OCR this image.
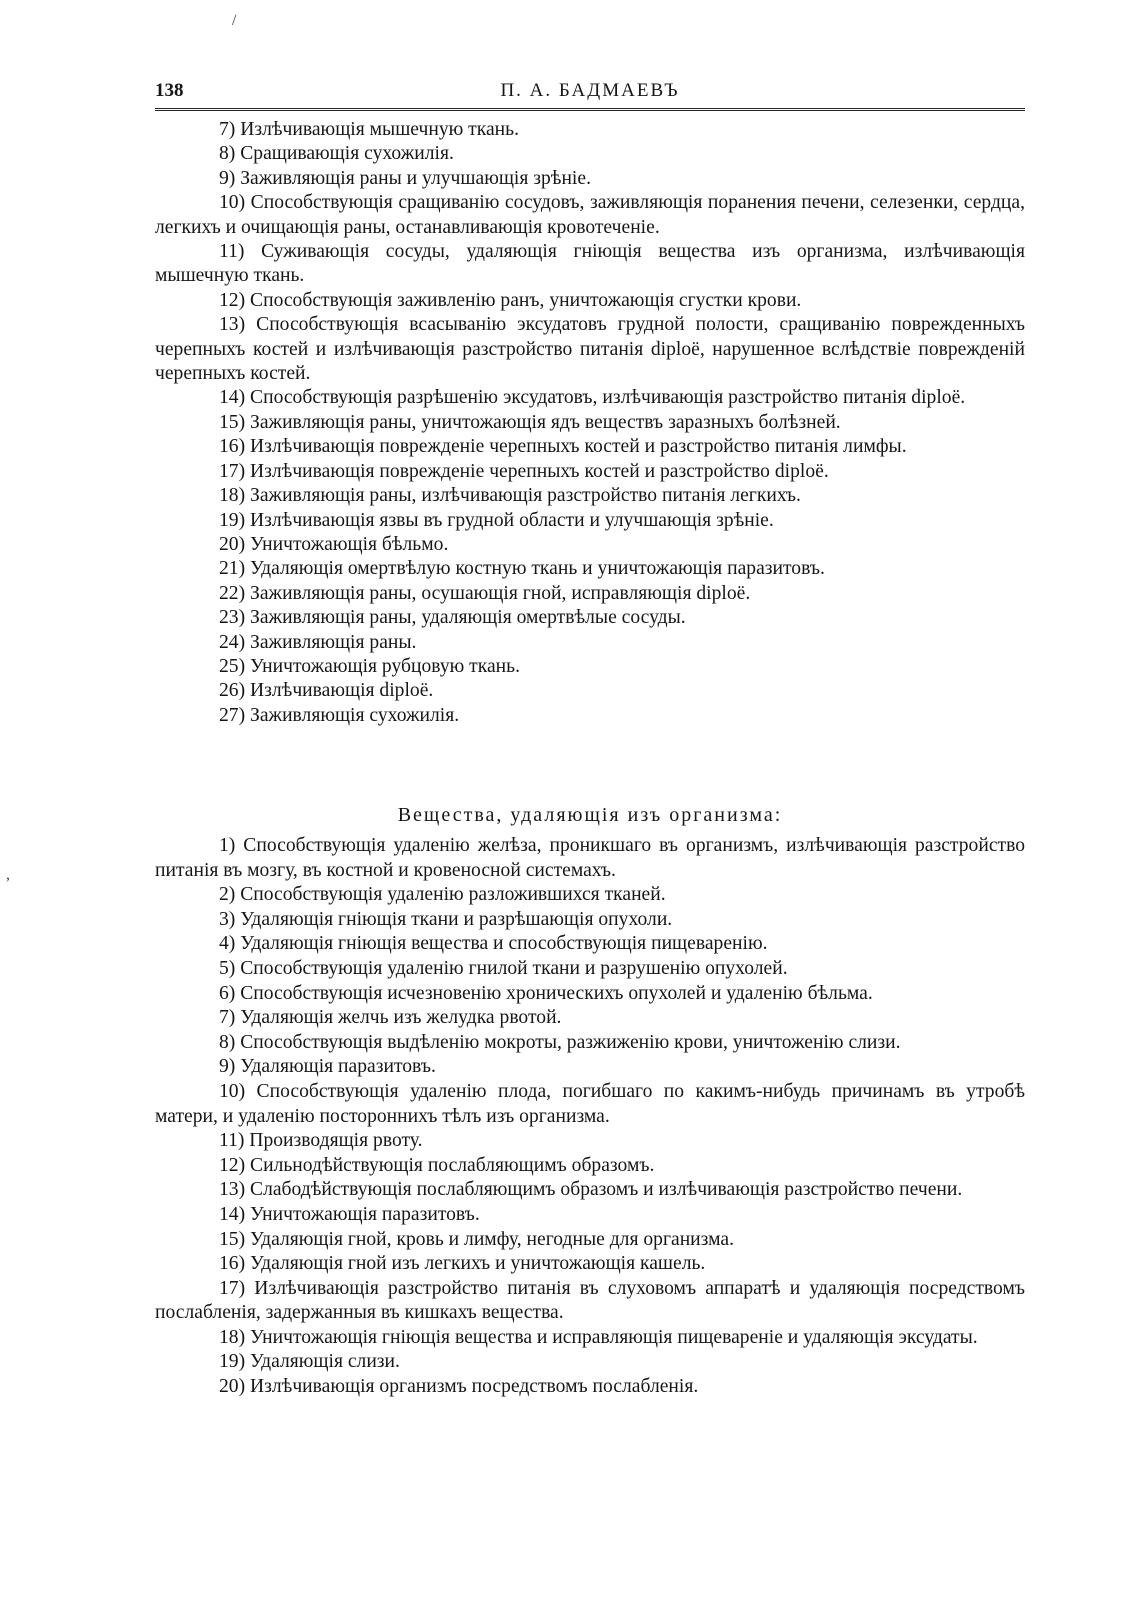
/
138	П. А. БАДМАЕВЪ

7) Излѣчивающія мышечную ткань.

8) Сращивающія сухожилія.

9) Заживляющія раны и улучшающія зрѣніе.

10) Способствующія сращиванію сосудовъ, заживляющія поранения печени, селезенки, сердца, легкихъ и очищающія раны, останавливающія кровотеченіе.

11) Суживающія сосуды, удаляющія гніющія вещества изъ организма, излѣчивающія мышечную ткань.

12) Способствующія заживленію ранъ, уничтожающія сгустки крови.

13) Способствующія всасыванію эксудатовъ грудной полости, сращиванію поврежденныхъ черепныхъ костей и излѣчивающія разстройство питанія diploë, нарушенное вслѣдствіе поврежденій черепныхъ костей.

14) Способствующія разрѣшенію эксудатовъ, излѣчивающія разстройство питанія diploë.

15) Заживляющія раны, уничтожающія ядъ веществъ заразныхъ болѣзней.

16) Излѣчивающія поврежденіе черепныхъ костей и разстройство питанія лимфы.

17) Излѣчивающія поврежденіе черепныхъ костей и разстройство diploë.

18) Заживляющія раны, излѣчивающія разстройство питанія легкихъ.

19) Излѣчивающія язвы въ грудной области и улучшающія зрѣніе.

20) Уничтожающія бѣльмо.

21) Удаляющія омертвѣлую костную ткань и уничтожающія паразитовъ.

22) Заживляющія раны, осушающія гной, исправляющія diploë.

23) Заживляющія раны, удаляющія омертвѣлые сосуды.

24) Заживляющія раны.

25) Уничтожающія рубцовую ткань.

26) Излѣчивающія diploë.

27) Заживляющія сухожилія.

Вещества, удаляющія изъ организма:
,

1) Способствующія удаленію желѣза, проникшаго въ организмъ, излѣчивающія разстройство питанія въ мозгу, въ костной и кровеносной системахъ.

2) Способствующія удаленію разложившихся тканей.

3) Удаляющія гніющія ткани и разрѣшающія опухоли.

4) Удаляющія гніющія вещества и способствующія пищеваренію.

5) Способствующія удаленію гнилой ткани и разрушенію опухолей.

6) Способствующія исчезновенію хроническихъ опухолей и удаленію бѣльма.

7) Удаляющія желчь изъ желудка рвотой.

8) Способствующія выдѣленію мокроты, разжиженію крови, уничтоженію слизи.

9) Удаляющія паразитовъ.

10) Способствующія удаленію плода, погибшаго по какимъ-нибудь причинамъ въ утробѣ матери, и удаленію постороннихъ тѣлъ изъ организма.

11) Производящія рвоту.

12) Сильнодѣйствующія послабляющимъ образомъ.

13) Слабодѣйствующія послабляющимъ образомъ и излѣчивающія разстройство печени.

14) Уничтожающія паразитовъ.

15) Удаляющія гной, кровь и лимфу, негодные для организма.

16) Удаляющія гной изъ легкихъ и уничтожающія кашель.

17) Излѣчивающія разстройство питанія въ слуховомъ аппаратѣ и удаляющія посредствомъ послабленія, задержанныя въ кишкахъ вещества.

18) Уничтожающія гніющія вещества и исправляющія пищевареніе и удаляющія эксудаты.

19) Удаляющія слизи.

20) Излѣчивающія организмъ посредствомъ послабленія.
